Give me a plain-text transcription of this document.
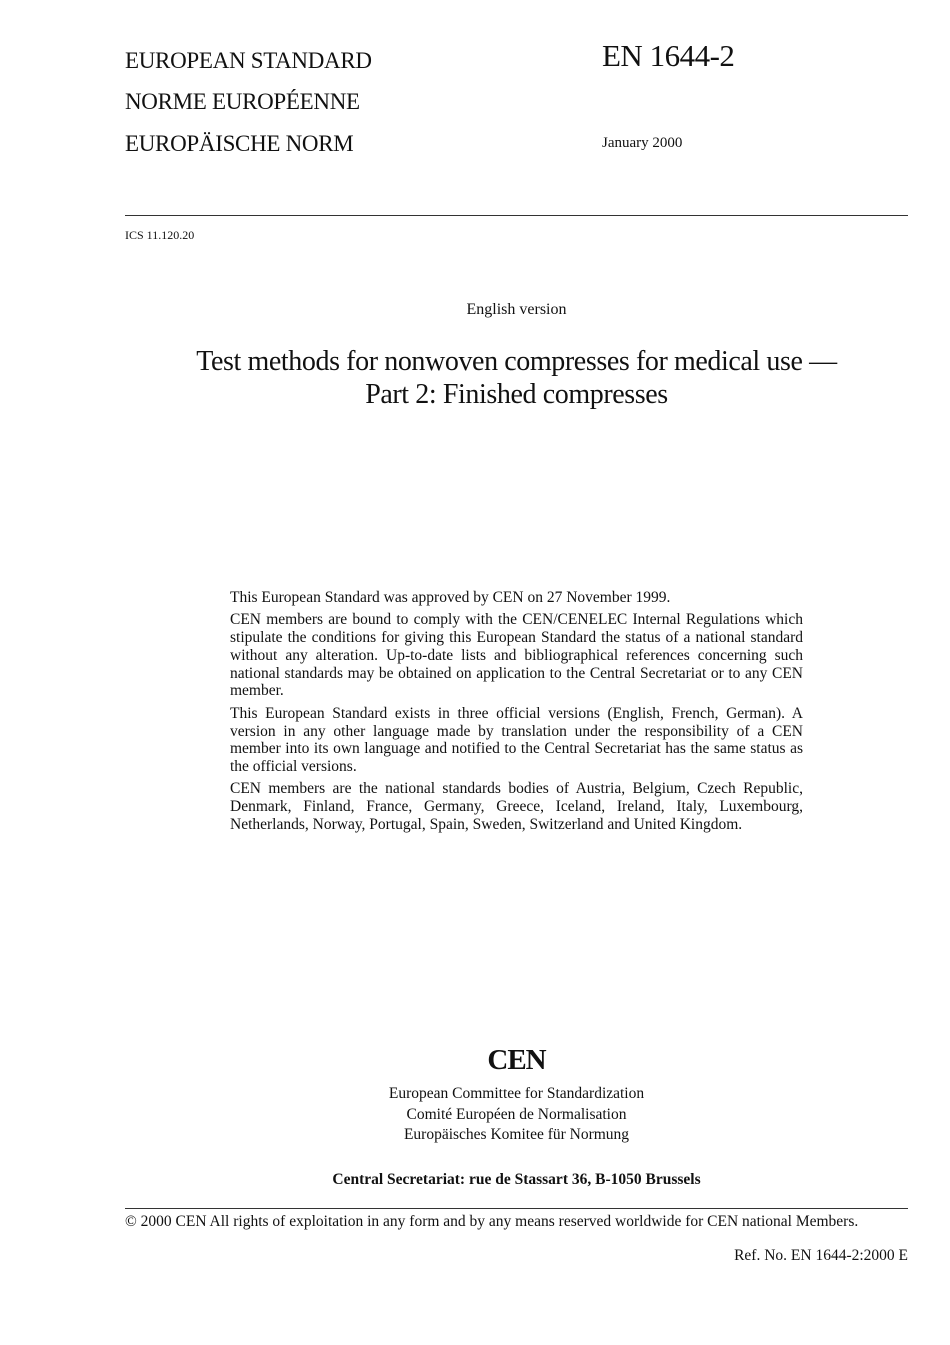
EUROPEAN STANDARD
NORME EUROPÉENNE
EUROPÄISCHE NORM
EN 1644-2
January 2000
ICS 11.120.20
English version
Test methods for nonwoven compresses for medical use —
Part 2: Finished compresses

This European Standard was approved by CEN on 27 November 1999.

CEN members are bound to comply with the CEN/CENELEC Internal Regulations which stipulate the conditions for giving this European Standard the status of a national standard without any alteration. Up-to-date lists and bibliographical references concerning such national standards may be obtained on application to the Central Secretariat or to any CEN member.

This European Standard exists in three official versions (English, French, German). A version in any other language made by translation under the responsibility of a CEN member into its own language and notified to the Central Secretariat has the same status as the official versions.

CEN members are the national standards bodies of Austria, Belgium, Czech Republic, Denmark, Finland, France, Germany, Greece, Iceland, Ireland, Italy, Luxembourg, Netherlands, Norway, Portugal, Spain, Sweden, Switzerland and United Kingdom.

CEN
European Committee for Standardization
Comité Européen de Normalisation
Europäisches Komitee für Normung
Central Secretariat: rue de Stassart 36, B-1050 Brussels
© 2000 CEN All rights of exploitation in any form and by any means reserved worldwide for CEN national Members.
Ref. No. EN 1644-2:2000 E
